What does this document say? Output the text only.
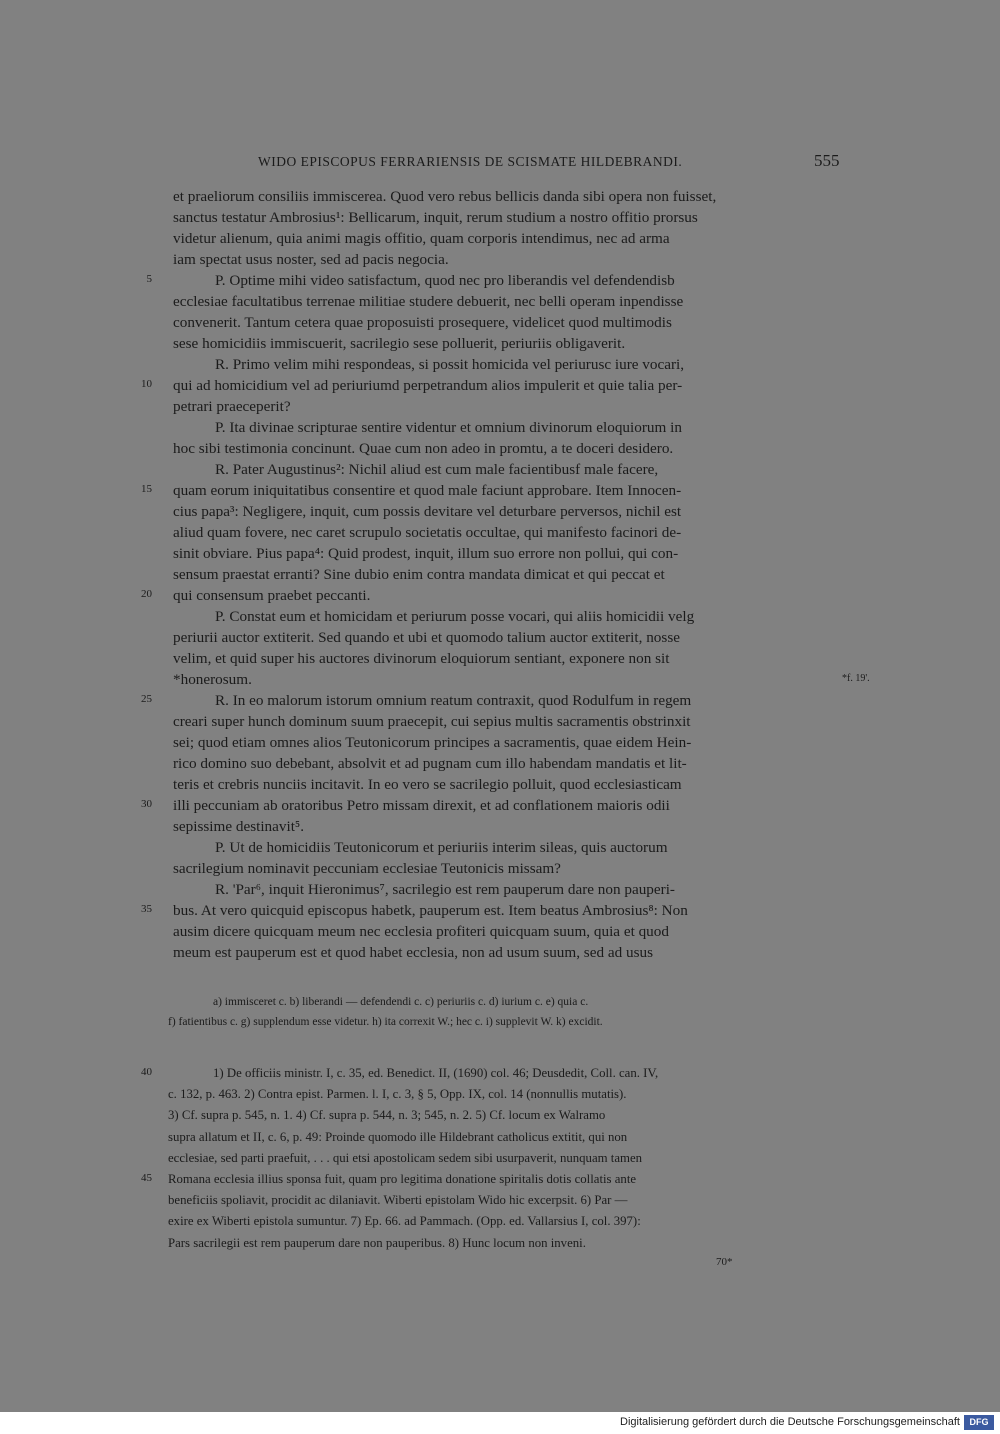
WIDO EPISCOPUS FERRARIENSIS DE SCISMATE HILDEBRANDI.	555
et praeliorum consiliis immiscerea. Quod vero rebus bellicis danda sibi opera non fuisset,
sanctus testatur Ambrosius¹: Bellicarum, inquit, rerum studium a nostro offitio prorsus
videtur alienum, quia animi magis offitio, quam corporis intendimus, nec ad arma
iam spectat usus noster, sed ad pacis negocia.
P. Optime mihi video satisfactum, quod nec pro liberandis vel defendendisb
ecclesiae facultatibus terrenae militiae studere debuerit, nec belli operam inpendisse
convenerit. Tantum cetera quae proposuisti prosequere, videlicet quod multimodis
sese homicidiis immiscuerit, sacrilegio sese polluerit, periuriis obligaverit.
R. Primo velim mihi respondeas, si possit homicida vel periurusc iure vocari,
qui ad homicidium vel ad periuriumd perpetrandum alios impulerit et quie talia per-
petrari praeceperit?
P. Ita divinae scripturae sentire videntur et omnium divinorum eloquiorum in
hoc sibi testimonia concinunt. Quae cum non adeo in promtu, a te doceri desidero.
R. Pater Augustinus²: Nichil aliud est cum male facientibusf male facere,
quam eorum iniquitatibus consentire et quod male faciunt approbare. Item Innocen-
cius papa³: Negligere, inquit, cum possis devitare vel deturbare perversos, nichil est
aliud quam fovere, nec caret scrupulo societatis occultae, qui manifesto facinori de-
sinit obviare. Pius papa⁴: Quid prodest, inquit, illum suo errore non pollui, qui con-
sensum praestat erranti? Sine dubio enim contra mandata dimicat et qui peccat et
qui consensum praebet peccanti.
P. Constat eum et homicidam et periurum posse vocari, qui aliis homicidii velg
periurii auctor extiterit. Sed quando et ubi et quomodo talium auctor extiterit, nosse
velim, et quid super his auctores divinorum eloquiorum sentiant, exponere non sit
*honerosum.
R. In eo malorum istorum omnium reatum contraxit, quod Rodulfum in regem
creari super hunch dominum suum praecepit, cui sepius multis sacramentis obstrinxit
sei; quod etiam omnes alios Teutonicorum principes a sacramentis, quae eidem Hein-
rico domino suo debebant, absolvit et ad pugnam cum illo habendam mandatis et lit-
teris et crebris nunciis incitavit. In eo vero se sacrilegio polluit, quod ecclesiasticam
illi peccuniam ab oratoribus Petro missam direxit, et ad conflationem maioris odii
sepissime destinavit⁵.
P. Ut de homicidiis Teutonicorum et periuriis interim sileas, quis auctorum
sacrilegium nominavit peccuniam ecclesiae Teutonicis missam?
R. 'Par⁶, inquit Hieronimus⁷, sacrilegio est rem pauperum dare non pauperi-
bus. At vero quicquid episcopus habetk, pauperum est. Item beatus Ambrosius⁸: Non
ausim dicere quicquam meum nec ecclesia profiteri quicquam suum, quia et quod
meum est pauperum est et quod habet ecclesia, non ad usum suum, sed ad usus
5
10
15
20
25
30
35
*f. 19'.
a) immisceret c. b) liberandi — defendendi c. c) periuriis c. d) iurium c. e) quia c.
f) fatientibus c. g) supplendum esse videtur. h) ita correxit W.; hec c. i) supplevit W. k) excidit.
1) De officiis ministr. I, c. 35, ed. Benedict. II, (1690) col. 46; Deusdedit, Coll. can. IV,
c. 132, p. 463. 2) Contra epist. Parmen. l. I, c. 3, § 5, Opp. IX, col. 14 (nonnullis mutatis).
3) Cf. supra p. 545, n. 1. 4) Cf. supra p. 544, n. 3; 545, n. 2. 5) Cf. locum ex Walramo
supra allatum et II, c. 6, p. 49: Proinde quomodo ille Hildebrant catholicus extitit, qui non
ecclesiae, sed parti praefuit, . . . qui etsi apostolicam sedem sibi usurpaverit, nunquam tamen
Romana ecclesia illius sponsa fuit, quam pro legitima donatione spiritalis dotis collatis ante
beneficiis spoliavit, procidit ac dilaniavit. Wiberti epistolam Wido hic excerpsit. 6) Par —
exire ex Wiberti epistola sumuntur. 7) Ep. 66. ad Pammach. (Opp. ed. Vallarsius I, col. 397):
Pars sacrilegii est rem pauperum dare non pauperibus. 8) Hunc locum non inveni.
40
45
70*
Digitalisierung gefördert durch die Deutsche Forschungsgemeinschaft	DFG
